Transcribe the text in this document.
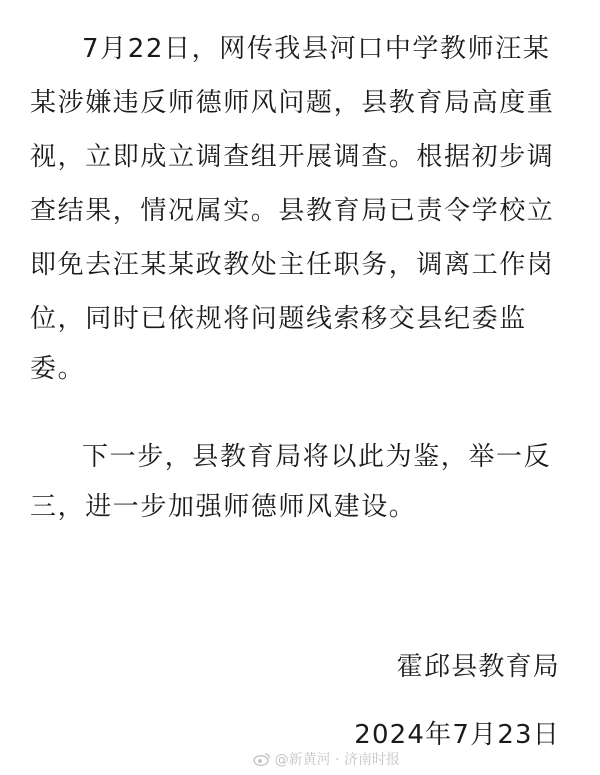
7月22日，网传我县河口中学教师汪某
某涉嫌违反师德师风问题，县教育局高度重
视，立即成立调查组开展调查。根据初步调
查结果，情况属实。县教育局已责令学校立
即免去汪某某政教处主任职务，调离工作岗
位，同时已依规将问题线索移交县纪委监
委。
下一步，县教育局将以此为鉴，举一反
三，进一步加强师德师风建设。
霍邱县教育局
2024年7月23日
@新黄河 · 济南时报
